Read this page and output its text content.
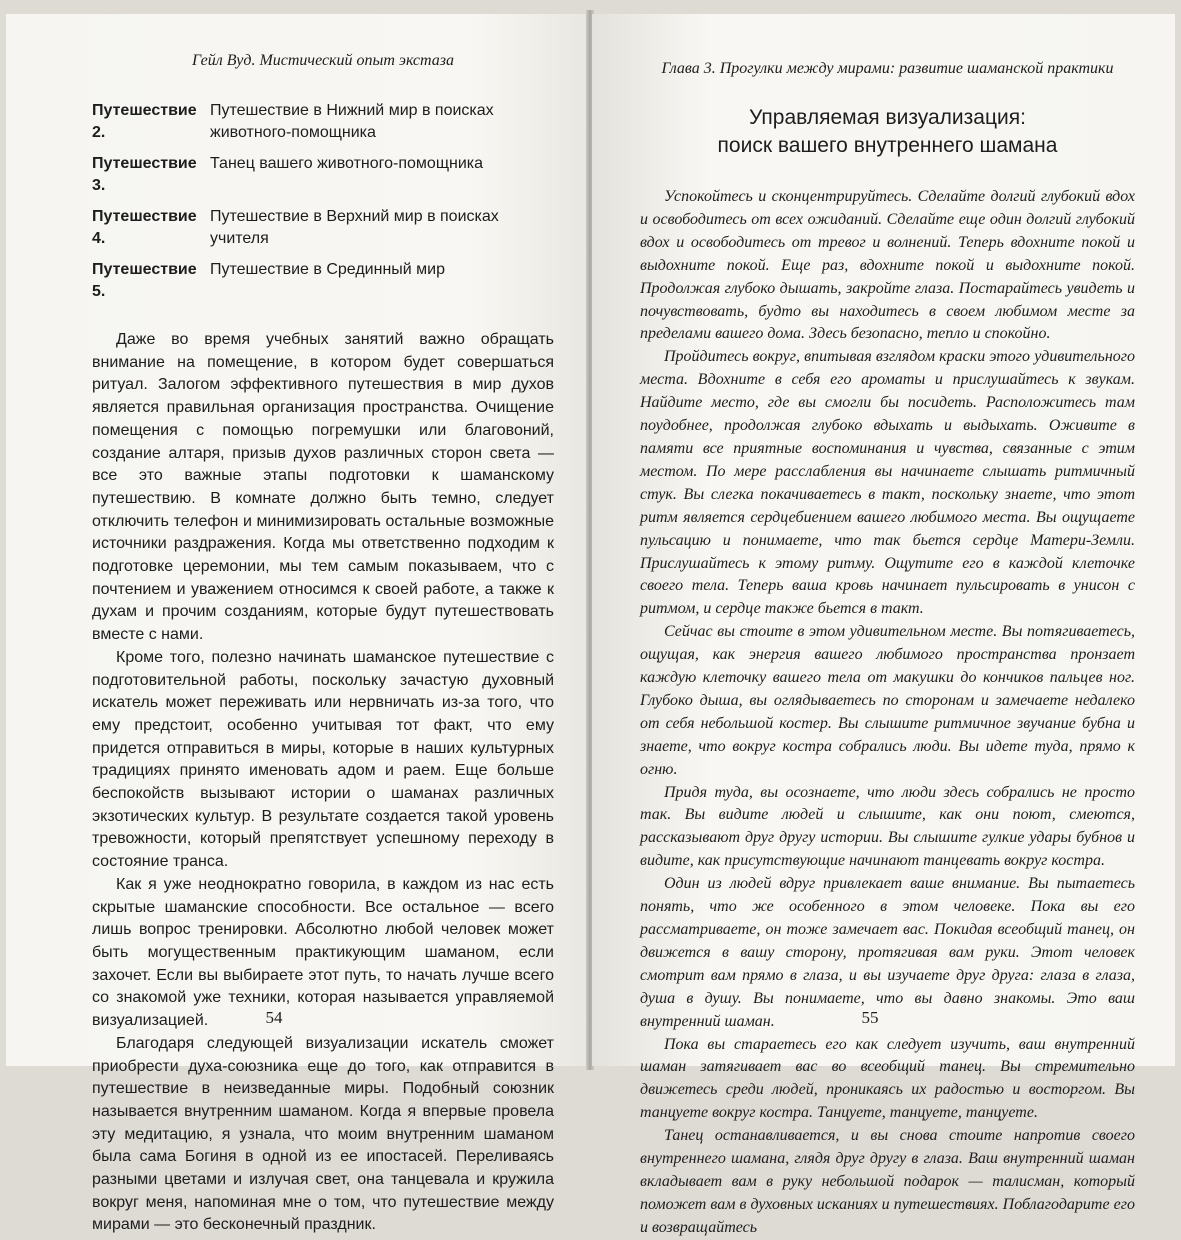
Гейл Вуд. Мистический опыт экстаза
Путешествие 2.
Путешествие в Нижний мир в поисках животного-помощника
Путешествие 3.
Танец вашего животного-помощника
Путешествие 4.
Путешествие в Верхний мир в поисках учителя
Путешествие 5.
Путешествие в Срединный мир

Даже во время учебных занятий важно обращать внимание на помещение, в котором будет совершаться ритуал. Залогом эффективного путешествия в мир духов является правильная организация пространства. Очищение помещения с помощью погремушки или благовоний, создание алтаря, призыв духов различных сторон света — все это важные этапы подготовки к шаманскому путешествию. В комнате должно быть темно, следует отключить телефон и минимизировать остальные возможные источники раздражения. Когда мы ответственно подходим к подготовке церемонии, мы тем самым показываем, что с почтением и уважением относимся к своей работе, а также к духам и прочим созданиям, которые будут путешествовать вместе с нами.

Кроме того, полезно начинать шаманское путешествие с подготовительной работы, поскольку зачастую духовный искатель может переживать или нервничать из-за того, что ему предстоит, особенно учитывая тот факт, что ему придется отправиться в миры, которые в наших культурных традициях принято именовать адом и раем. Еще больше беспокойств вызывают истории о шаманах различных экзотических культур. В результате создается такой уровень тревожности, который препятствует успешному переходу в состояние транса.

Как я уже неоднократно говорила, в каждом из нас есть скрытые шаманские способности. Все остальное — всего лишь вопрос тренировки. Абсолютно любой человек может быть могущественным практикующим шаманом, если захочет. Если вы выбираете этот путь, то начать лучше всего со знакомой уже техники, которая называется управляемой визуализацией.

Благодаря следующей визуализации искатель сможет приобрести духа-союзника еще до того, как отправится в путешествие в неизведанные миры. Подобный союзник называется внутренним шаманом. Когда я впервые провела эту медитацию, я узнала, что моим внутренним шаманом была сама Богиня в одной из ее ипостасей. Переливаясь разными цветами и излучая свет, она танцевала и кружила вокруг меня, напоминая мне о том, что путешествие между мирами — это бесконечный праздник.

54
Глава 3. Прогулки между мирами: развитие шаманской практики
Управляемая визуализация:
поиск вашего внутреннего шамана

Успокойтесь и сконцентрируйтесь. Сделайте долгий глубокий вдох и освободитесь от всех ожиданий. Сделайте еще один долгий глубокий вдох и освободитесь от тревог и волнений. Теперь вдохните покой и выдохните покой. Еще раз, вдохните покой и выдохните покой. Продолжая глубоко дышать, закройте глаза. Постарайтесь увидеть и почувствовать, будто вы находитесь в своем любимом месте за пределами вашего дома. Здесь безопасно, тепло и спокойно.

Пройдитесь вокруг, впитывая взглядом краски этого удивительного места. Вдохните в себя его ароматы и прислушайтесь к звукам. Найдите место, где вы смогли бы посидеть. Расположитесь там поудобнее, продолжая глубоко вдыхать и выдыхать. Оживите в памяти все приятные воспоминания и чувства, связанные с этим местом. По мере расслабления вы начинаете слышать ритмичный стук. Вы слегка покачиваетесь в такт, поскольку знаете, что этот ритм является сердцебиением вашего любимого места. Вы ощущаете пульсацию и понимаете, что так бьется сердце Матери-Земли. Прислушайтесь к этому ритму. Ощутите его в каждой клеточке своего тела. Теперь ваша кровь начинает пульсировать в унисон с ритмом, и сердце также бьется в такт.

Сейчас вы стоите в этом удивительном месте. Вы потягиваетесь, ощущая, как энергия вашего любимого пространства пронзает каждую клеточку вашего тела от макушки до кончиков пальцев ног. Глубоко дыша, вы оглядываетесь по сторонам и замечаете недалеко от себя небольшой костер. Вы слышите ритмичное звучание бубна и знаете, что вокруг костра собрались люди. Вы идете туда, прямо к огню.

Придя туда, вы осознаете, что люди здесь собрались не просто так. Вы видите людей и слышите, как они поют, смеются, рассказывают друг другу истории. Вы слышите гулкие удары бубнов и видите, как присутствующие начинают танцевать вокруг костра.

Один из людей вдруг привлекает ваше внимание. Вы пытаетесь понять, что же особенного в этом человеке. Пока вы его рассматриваете, он тоже замечает вас. Покидая всеобщий танец, он движется в вашу сторону, протягивая вам руки. Этот человек смотрит вам прямо в глаза, и вы изучаете друг друга: глаза в глаза, душа в душу. Вы понимаете, что вы давно знакомы. Это ваш внутренний шаман.

Пока вы стараетесь его как следует изучить, ваш внутренний шаман затягивает вас во всеобщий танец. Вы стремительно движетесь среди людей, проникаясь их радостью и восторгом. Вы танцуете вокруг костра. Танцуете, танцуете, танцуете.

Танец останавливается, и вы снова стоите напротив своего внутреннего шамана, глядя друг другу в глаза. Ваш внутренний шаман вкладывает вам в руку небольшой подарок — талисман, который поможет вам в духовных исканиях и путешествиях. Поблагодарите его и возвращайтесь

55
